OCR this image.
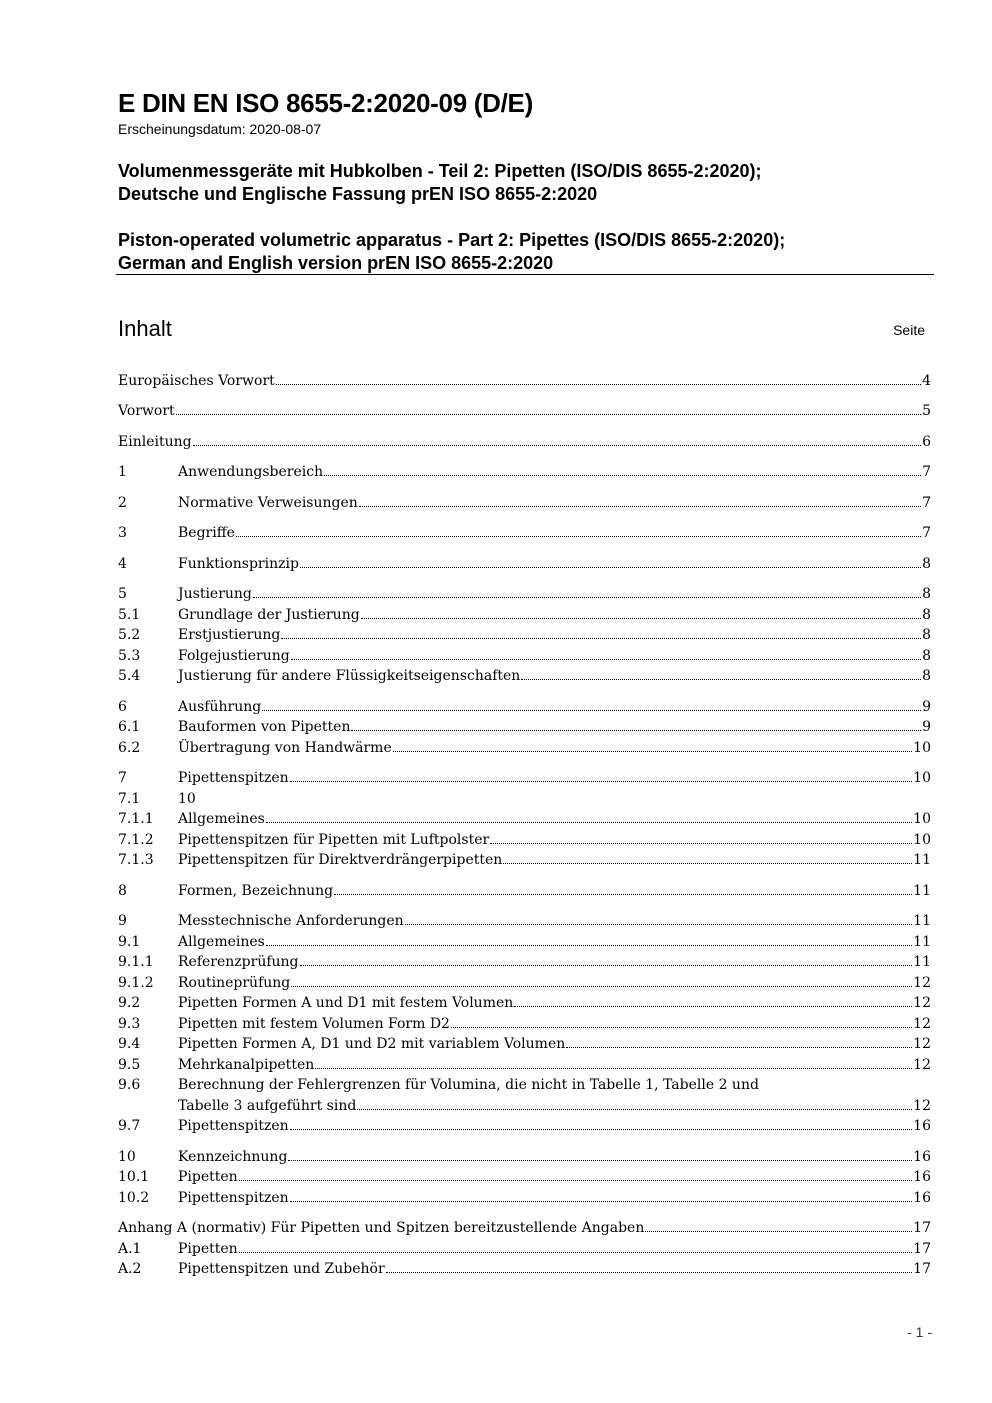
E DIN EN ISO 8655-2:2020-09 (D/E)
Erscheinungsdatum: 2020-08-07
Volumenmessgeräte mit Hubkolben - Teil 2: Pipetten (ISO/DIS 8655-2:2020);
Deutsche und Englische Fassung prEN ISO 8655-2:2020
Piston-operated volumetric apparatus - Part 2: Pipettes (ISO/DIS 8655-2:2020);
German and English version prEN ISO 8655-2:2020
Inhalt	Seite
Europäisches Vorwort	4
Vorwort	5
Einleitung	6
1	Anwendungsbereich	7
2	Normative Verweisungen	7
3	Begriffe	7
4	Funktionsprinzip	8
5	Justierung	8
5.1	Grundlage der Justierung	8
5.2	Erstjustierung	8
5.3	Folgejustierung	8
5.4	Justierung für andere Flüssigkeitseigenschaften	8
6	Ausführung	9
6.1	Bauformen von Pipetten	9
6.2	Übertragung von Handwärme	10
7	Pipettenspitzen	10
7.1	10
7.1.1	Allgemeines	10
7.1.2	Pipettenspitzen für Pipetten mit Luftpolster	10
7.1.3	Pipettenspitzen für Direktverdrängerpipetten	11
8	Formen, Bezeichnung	11
9	Messtechnische Anforderungen	11
9.1	Allgemeines	11
9.1.1	Referenzprüfung	11
9.1.2	Routineprüfung	12
9.2	Pipetten Formen A und D1 mit festem Volumen	12
9.3	Pipetten mit festem Volumen Form D2	12
9.4	Pipetten Formen A, D1 und D2 mit variablem Volumen	12
9.5	Mehrkanalpipetten	12
9.6	Berechnung der Fehlergrenzen für Volumina, die nicht in Tabelle 1, Tabelle 2 und
Tabelle 3 aufgeführt sind	12
9.7	Pipettenspitzen	16
10	Kennzeichnung	16
10.1	Pipetten	16
10.2	Pipettenspitzen	16
Anhang A (normativ) Für Pipetten und Spitzen bereitzustellende Angaben	17
A.1	Pipetten	17
A.2	Pipettenspitzen und Zubehör	17
- 1 -
